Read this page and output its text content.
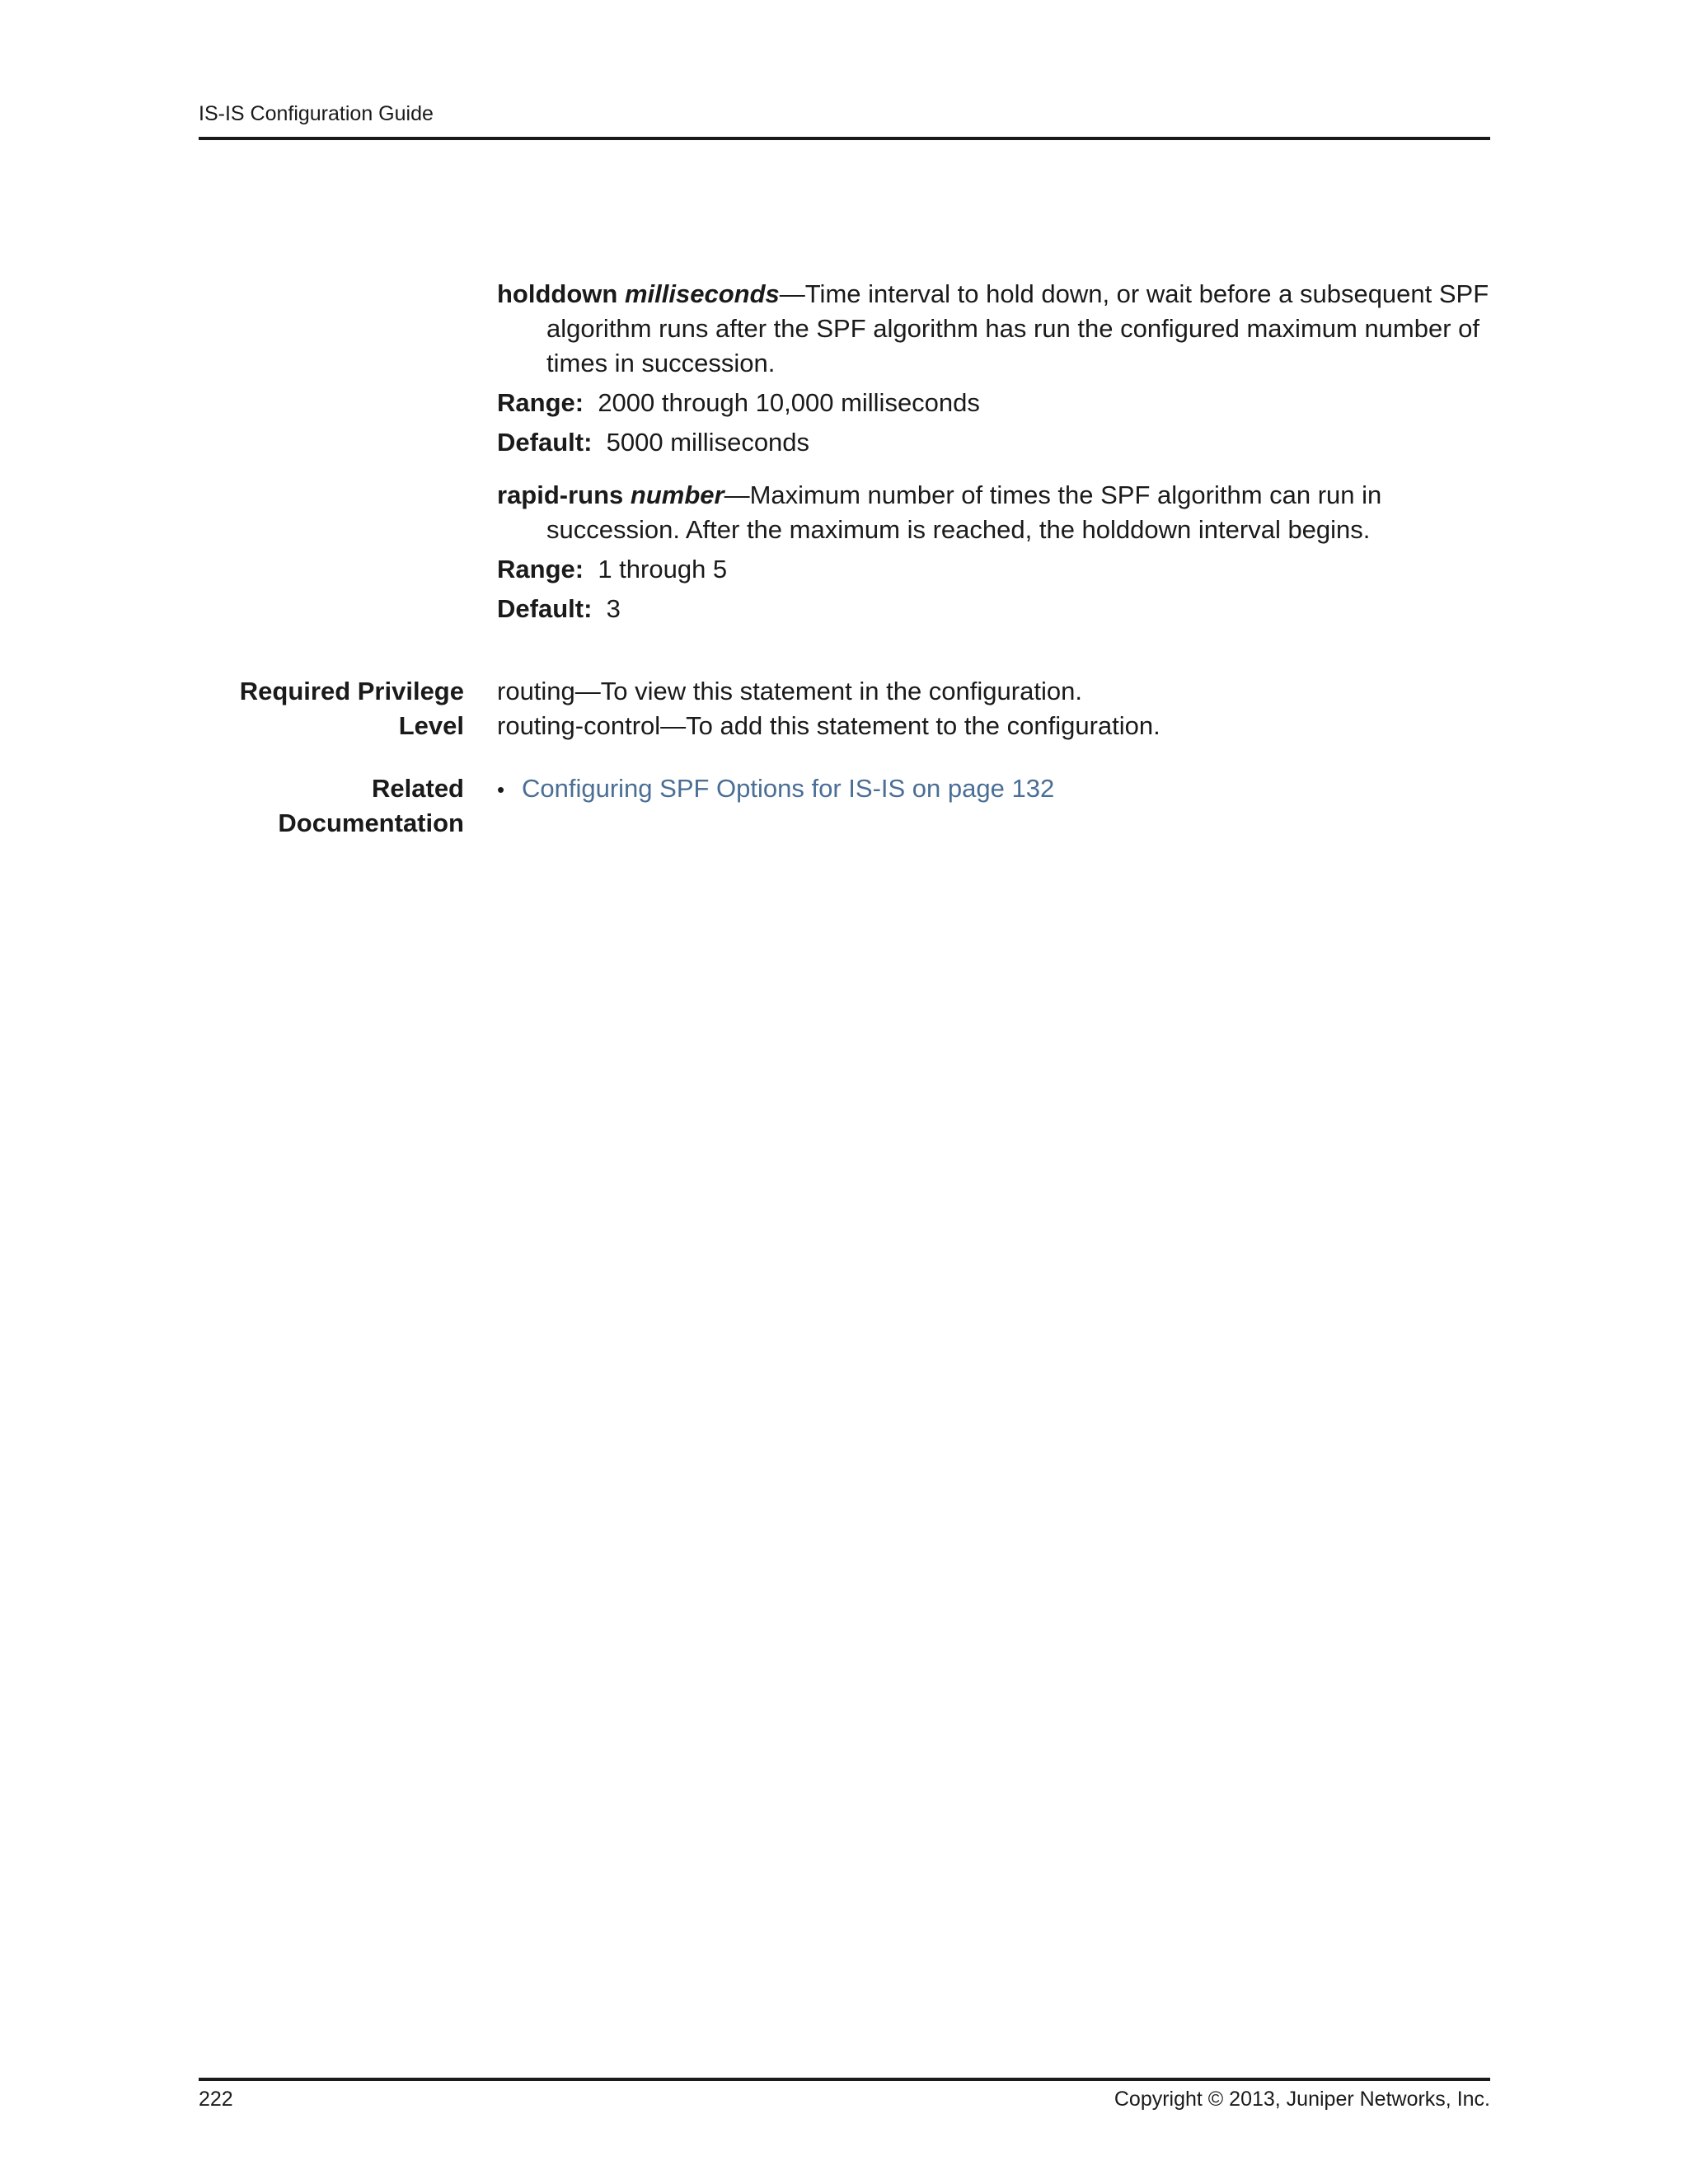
IS-IS Configuration Guide
holddown milliseconds—Time interval to hold down, or wait before a subsequent SPF algorithm runs after the SPF algorithm has run the configured maximum number of times in succession.
Range: 2000 through 10,000 milliseconds
Default: 5000 milliseconds
rapid-runs number—Maximum number of times the SPF algorithm can run in succession. After the maximum is reached, the holddown interval begins.
Range: 1 through 5
Default: 3
Required Privilege
Level
routing—To view this statement in the configuration.
routing-control—To add this statement to the configuration.
Related
Documentation
• Configuring SPF Options for IS-IS on page 132
222	Copyright © 2013, Juniper Networks, Inc.
